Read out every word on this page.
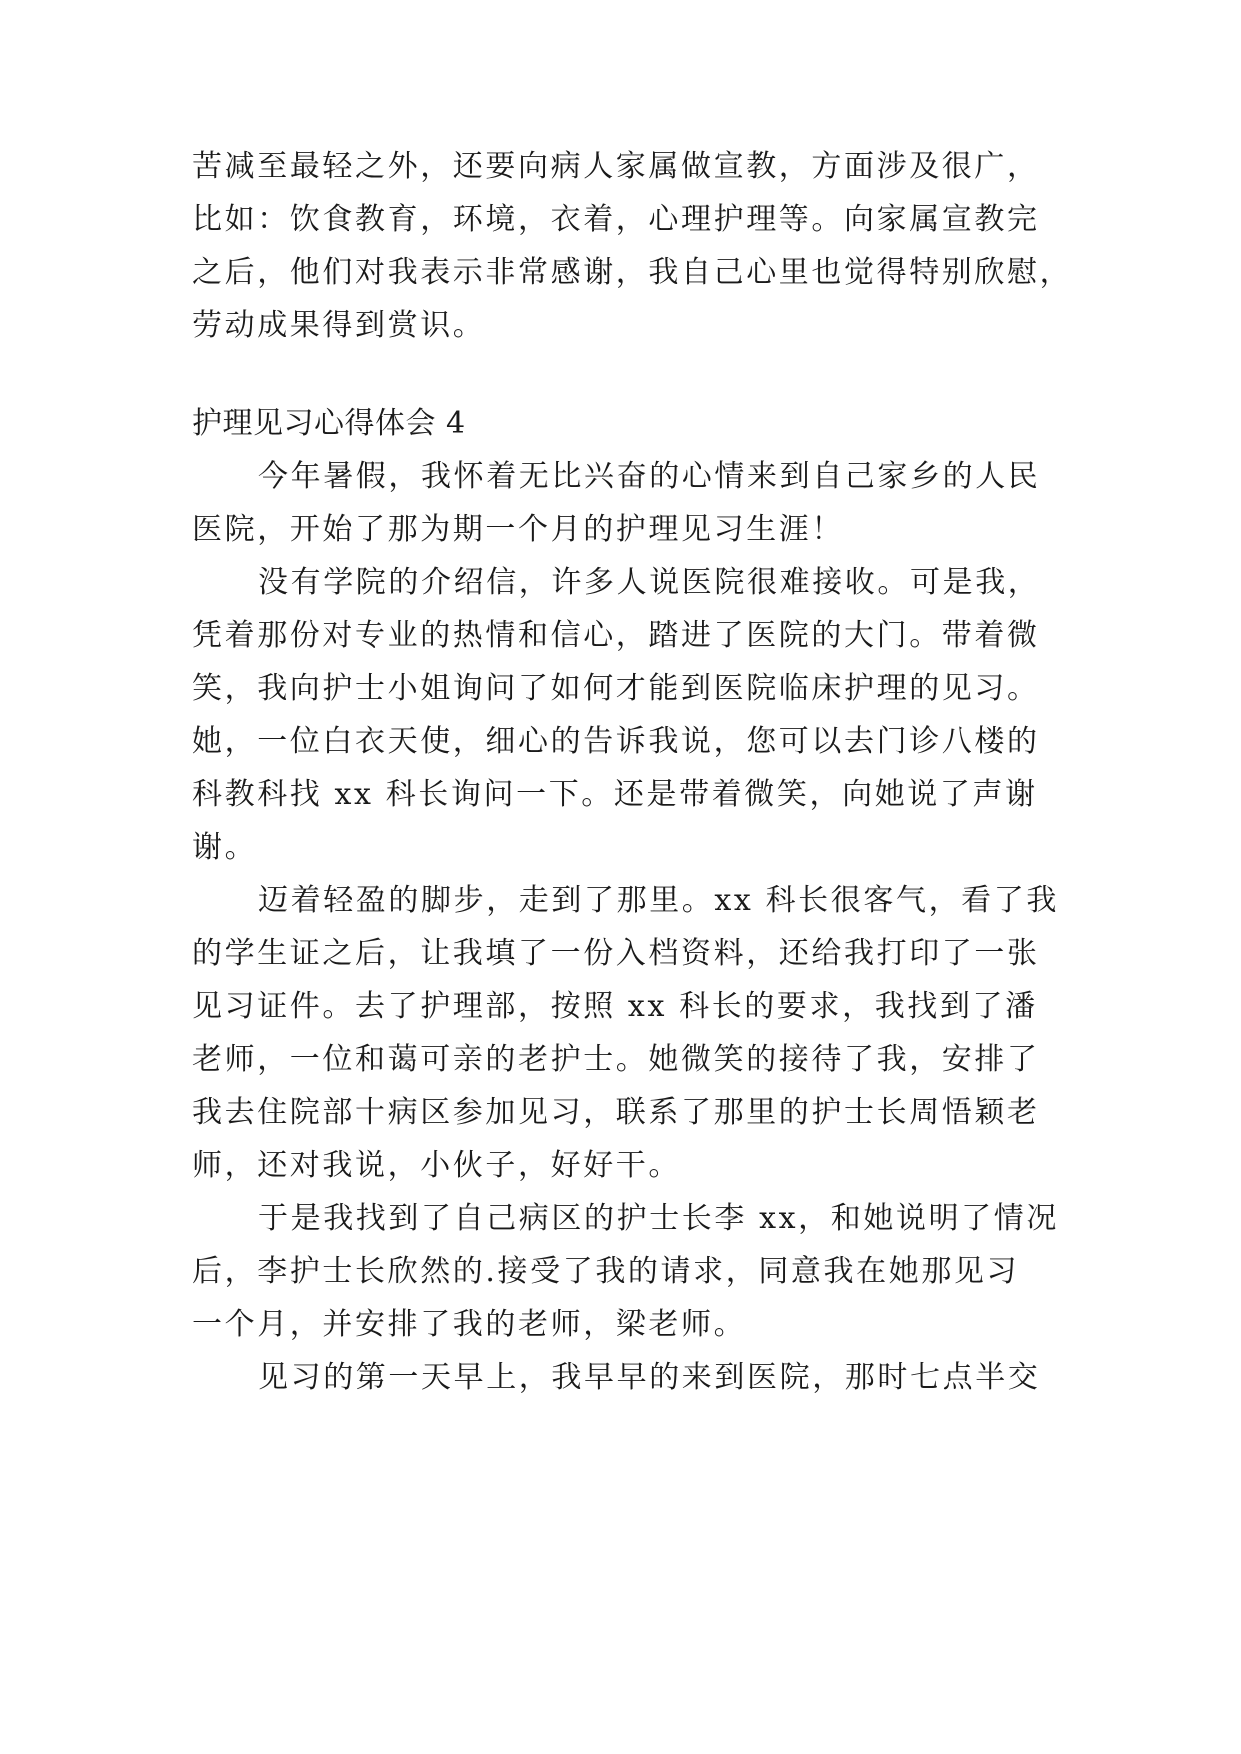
苦减至最轻之外，还要向病人家属做宣教，方面涉及很广，
比如：饮食教育，环境，衣着，心理护理等。向家属宣教完
之后，他们对我表示非常感谢，我自己心里也觉得特别欣慰，
劳动成果得到赏识。
护理见习心得体会 4
今年暑假，我怀着无比兴奋的心情来到自己家乡的人民
医院，开始了那为期一个月的护理见习生涯！
没有学院的介绍信，许多人说医院很难接收。可是我，
凭着那份对专业的热情和信心，踏进了医院的大门。带着微
笑，我向护士小姐询问了如何才能到医院临床护理的见习。
她，一位白衣天使，细心的告诉我说，您可以去门诊八楼的
科教科找 xx 科长询问一下。还是带着微笑，向她说了声谢
谢。
迈着轻盈的脚步，走到了那里。xx 科长很客气，看了我
的学生证之后，让我填了一份入档资料，还给我打印了一张
见习证件。去了护理部，按照 xx 科长的要求，我找到了潘
老师，一位和蔼可亲的老护士。她微笑的接待了我，安排了
我去住院部十病区参加见习，联系了那里的护士长周悟颖老
师，还对我说，小伙子，好好干。
于是我找到了自己病区的护士长李 xx，和她说明了情况
后，李护士长欣然的.接受了我的请求，同意我在她那见习
一个月，并安排了我的老师，梁老师。
见习的第一天早上，我早早的来到医院，那时七点半交
